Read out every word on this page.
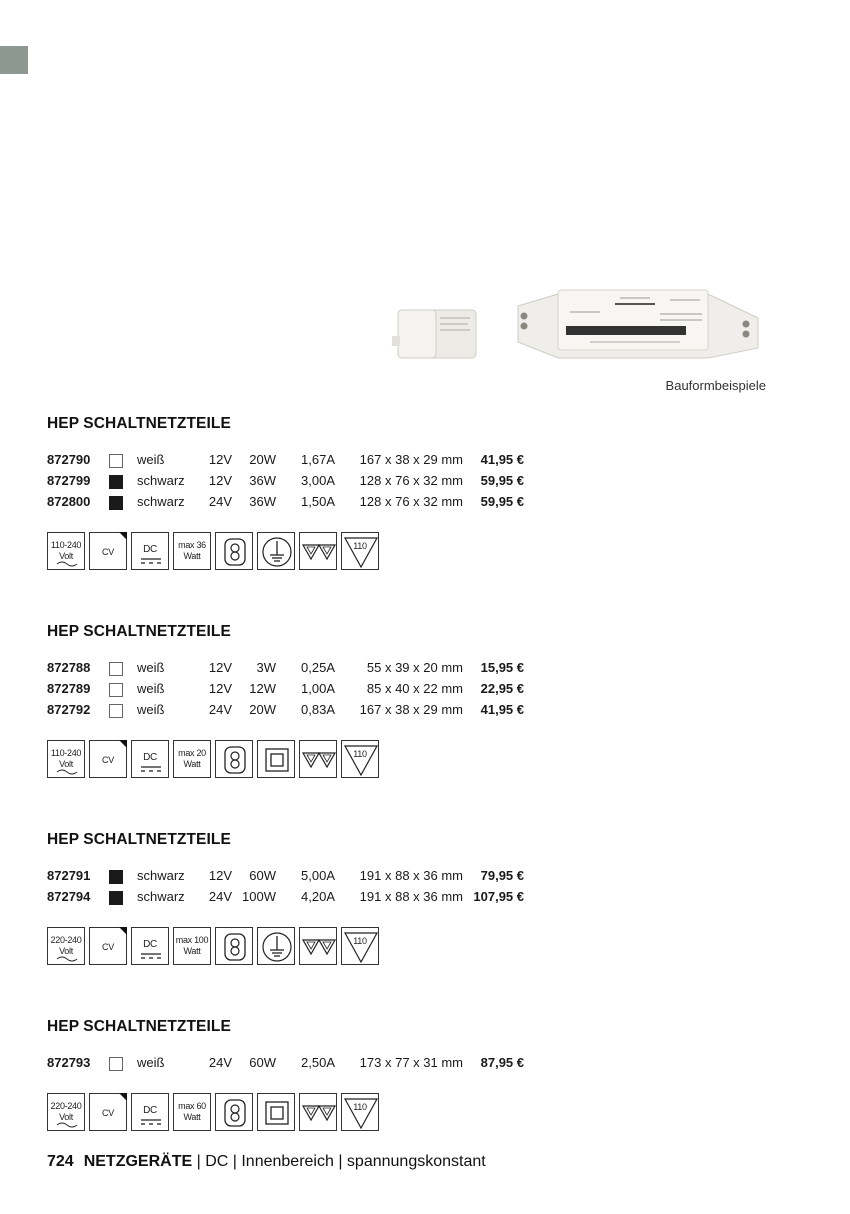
Bauformbeispiele
HEP SCHALTNETZTEILE
872790	weiß	12V	20W	1,67A	167 x 38 x 29 mm	41,95 €
872799	schwarz 12V	36W	3,00A	128 x 76 x 32 mm	59,95 €
872800	schwarz 24V	36W	1,50A	128 x 76 x 32 mm	59,95 €
110-240
Volt	CV	DC	max 36
Watt
110
HEP SCHALTNETZTEILE
872788	weiß	12V	3W	0,25A	55 x 39 x 20 mm	15,95 €
872789	weiß	12V	12W	1,00A	85 x 40 x 22 mm	22,95 €
872792	weiß	24V	20W	0,83A	167 x 38 x 29 mm	41,95 €
110-240
Volt	CV	DC	max 20
Watt
110
HEP SCHALTNETZTEILE
872791	schwarz 12V	60W	5,00A	191 x 88 x 36 mm	79,95 €
872794	schwarz 24V 100W	4,20A	191 x 88 x 36 mm 107,95 €
220-240
Volt	CV	DC	max 100
Watt
110
HEP SCHALTNETZTEILE
872793	weiß	24V	60W	2,50A	173 x 77 x 31 mm	87,95 €
220-240
Volt	CV	DC	max 60
Watt
110
724 NETZGERÄTE | DC | Innenbereich | spannungskonstant
